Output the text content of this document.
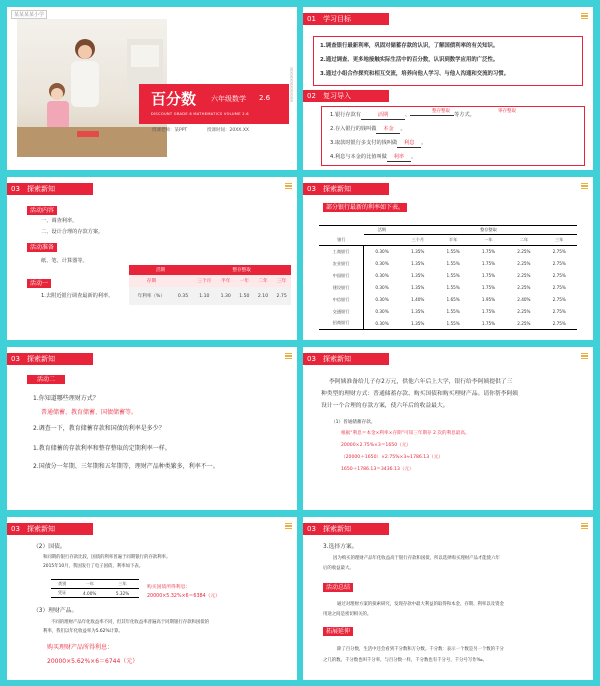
某某某某小学
百分数 六年级数学 2.6
DISCOUNT GRADE 6 MATHEMATICS VOLUME 2.6
授课老师：某PPT	授课时间：20XX.XX
某某某某某某某某某某
01 学习目标
1.调查银行最新利率，巩固对储蓄存款的认识，了解国债利率的有关知识。
2.通过调查、更多地接触实际生活中的百分数，认识到数学应用的广泛性。
3.通过小组合作探究和相互交流，培养向他人学习、与他人沟通和交流的习惯。
02 复习导入
1.银行存款有	活期	、	等方式。
整存整取	零存整取
2.存入银行的钱叫做 本金 。
3.取款时银行多支付的钱叫做 利息 。
4.利息与本金的比值叫做 利率 。
03 探索新知
活动内容
一、调查利率。
二、设计合理的存款方案。
活动准备
纸、笔、计算器等。
活动一
1.去附近银行调查最新的利率。
活期		整存整取				
存期		三个月	半年	一年	二年	三年
年利率（%）	0.35	1.10	1.30	1.50	2.10	2.75
03 探索新知
部分银行最新的利率如下表。
	活期	整存整取				
银行		三个月	半年	一年	二年	三年
工商银行	0.30%	1.35%	1.55%	1.75%	2.25%	2.75%
农业银行	0.30%	1.35%	1.55%	1.75%	2.25%	2.75%
中国银行	0.30%	1.35%	1.55%	1.75%	2.25%	2.75%
建设银行	0.30%	1.35%	1.55%	1.75%	2.25%	2.75%
中信银行	0.30%	1.40%	1.65%	1.95%	2.40%	2.75%
交通银行	0.30%	1.35%	1.55%	1.75%	2.25%	2.75%
招商银行	0.30%	1.35%	1.55%	1.75%	2.25%	2.75%
03 探索新知
活动二
1.你知道哪些理财方式？
普通储蓄、教育储蓄、国债储蓄等。
2.调查一下，教育储蓄存款和国债的利率是多少？
1.教育储蓄的存款利率和整存整取的定期利率一样。
2.国债分一年期、三年期和五年期等，理财产品种类繁多，利率不一。
03 探索新知
李阿姨准备给儿子存2万元，供他六年后上大学，银行给李阿姨提供了三
种类型的理财方式：普通储蓄存款、购买国债和购买理财产品。请你帮李阿姨
设计一个合理的存款方案，使六年后的收益最大。
（1）普通储蓄存款。
根据“利息＝本金×利率×存期”可知三年期存 2 次的利息最高。
20000×2.75%×3＝1650（元）
（20000＋1650）×2.75%×3≈1786.13（元）
1650＋1786.13＝3436.13（元）
03 探索新知
（2）国债。
和同期的银行存款比较，国债的利率普遍于同期银行的存款利率。
2015年10月，我国发行了电子国债，利率如下表。
类别	一年	三年
凭证	4.00%	5.32%
购买国债所得利息：
20000×5.32%×6＝6384（元）
（3）理财产品。
不同的理财产品年化收益率不同，但其年化收益率普遍高于同期银行存款和国债的
利率，我们以年化收益率为5.62%计算。
购买理财产品所得利息：
20000×5.62%×6＝6744（元）
03 探索新知
3.选择方案。
因为购买的理财产品年化收益高于银行存款和国债，所以选择购买理财产品才能使六年
后的收益最大。
活动总结
通过对理财方案的探索研究，发现存款中最大利益的取得和本金、存期、利率以及资金
用途之间是密切相关的。
拓展延伸
除了百分数，生活中还会看到千分数和万分数。千分数：表示一个数是另一个数的千分
之几的数。千分数也叫千分率，与百分数一样，千分数也有千分号，千分号写作‰。
